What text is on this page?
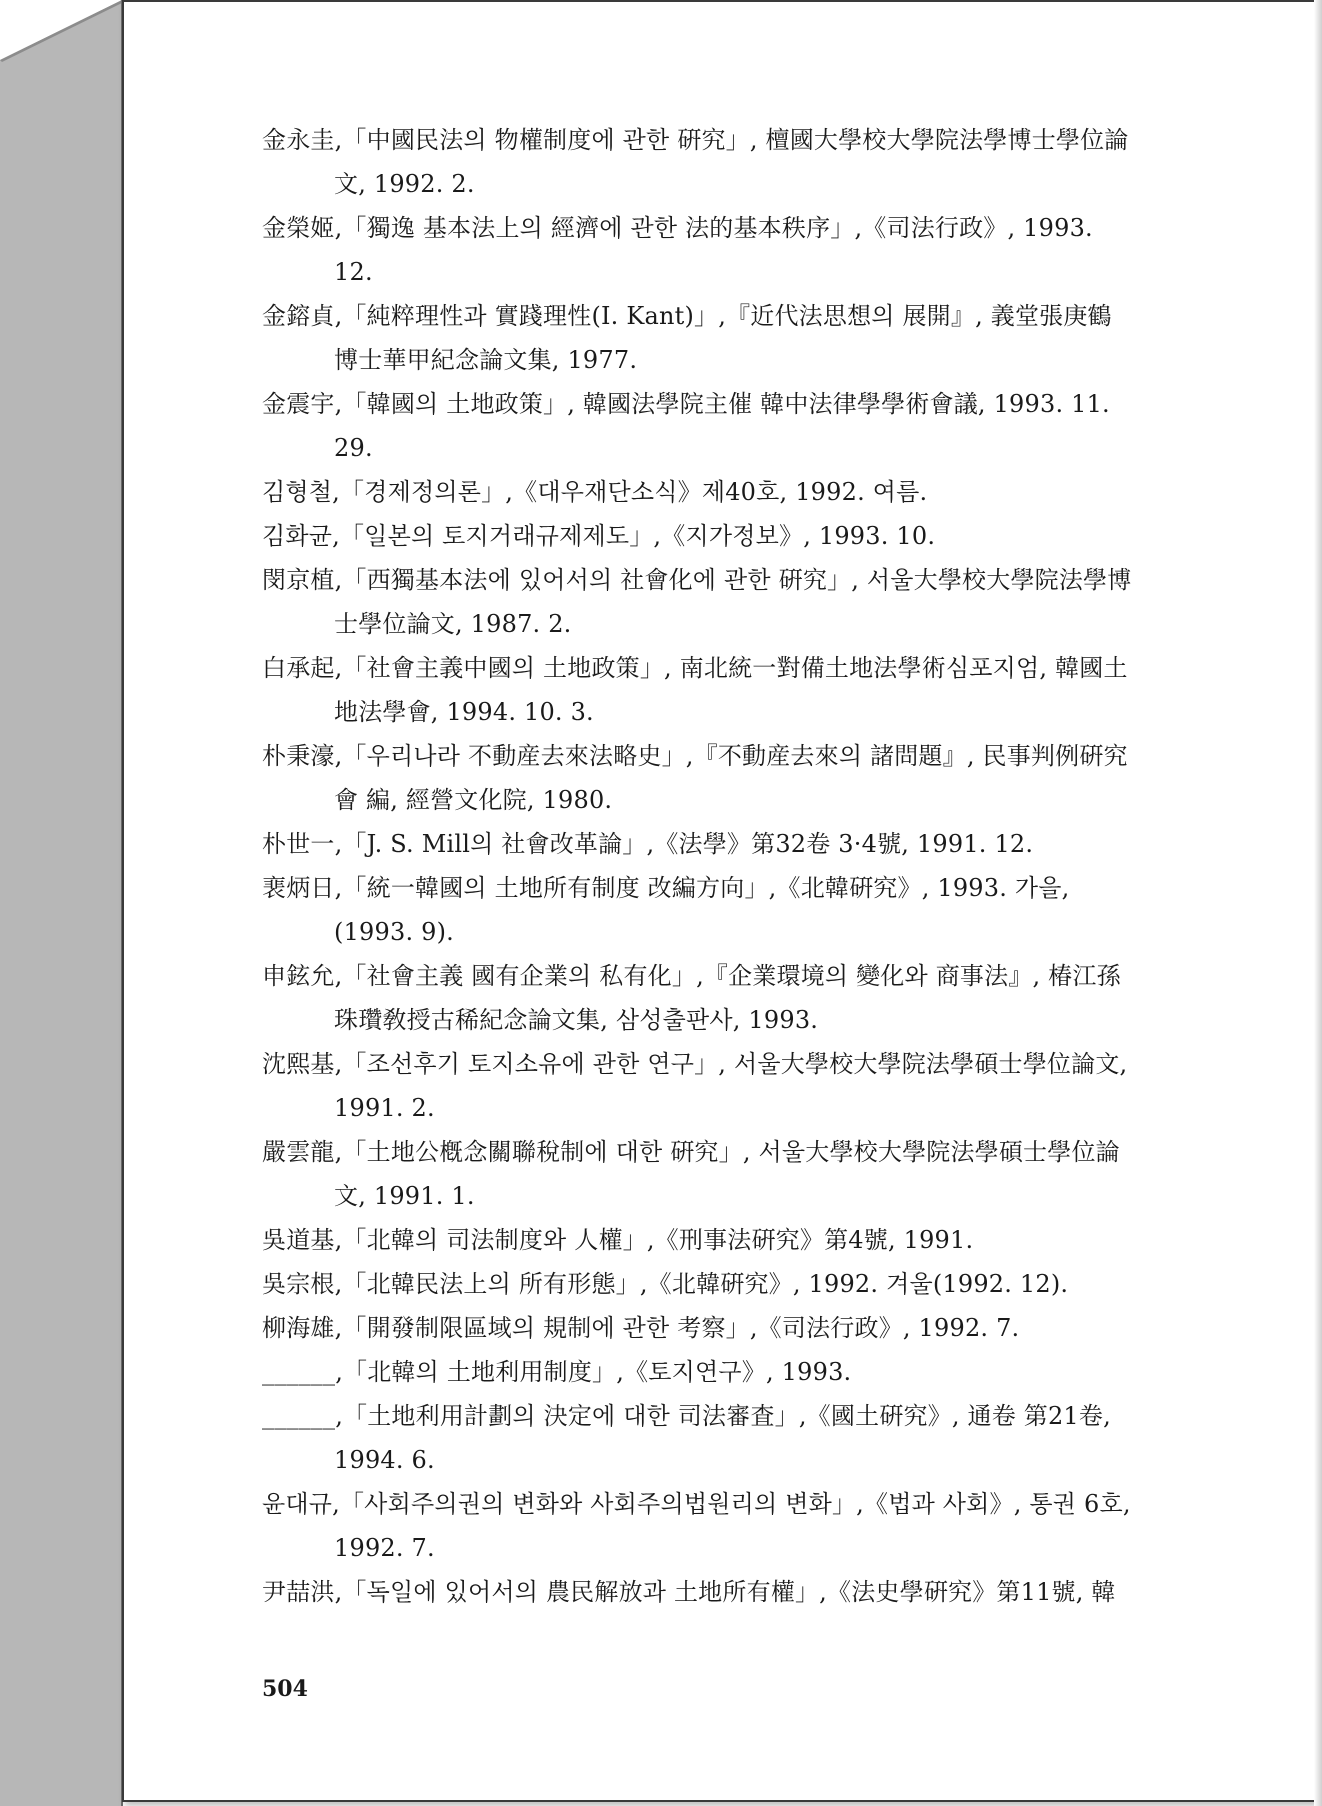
金永圭,「中國民法의 物權制度에 관한 硏究」, 檀國大學校大學院法學博士學位論文, 1992. 2.
金榮姬,「獨逸 基本法上의 經濟에 관한 法的基本秩序」,《司法行政》, 1993. 12.
金鎔貞,「純粹理性과 實踐理性(I. Kant)」,『近代法思想의 展開』, 義堂張庚鶴博士華甲紀念論文集, 1977.
金震宇,「韓國의 土地政策」, 韓國法學院主催 韓中法律學學術會議, 1993. 11. 29.
김형철,「경제정의론」,《대우재단소식》제40호, 1992. 여름.
김화균,「일본의 토지거래규제제도」,《지가정보》, 1993. 10.
閔京植,「西獨基本法에 있어서의 社會化에 관한 硏究」, 서울大學校大學院法學博士學位論文, 1987. 2.
白承起,「社會主義中國의 土地政策」, 南北統一對備土地法學術심포지엄, 韓國土地法學會, 1994. 10. 3.
朴秉濠,「우리나라 不動産去來法略史」,『不動産去來의 諸問題』, 民事判例硏究會 編, 經營文化院, 1980.
朴世一,「J. S. Mill의 社會改革論」,《法學》第32卷 3·4號, 1991. 12.
裵炳日,「統一韓國의 土地所有制度 改編方向」,《北韓硏究》, 1993. 가을, (1993. 9).
申鉉允,「社會主義 國有企業의 私有化」,『企業環境의 變化와 商事法』, 椿江孫珠瓚敎授古稀紀念論文集, 삼성출판사, 1993.
沈熙基,「조선후기 토지소유에 관한 연구」, 서울大學校大學院法學碩士學位論文, 1991. 2.
嚴雲龍,「土地公槪念關聯稅制에 대한 硏究」, 서울大學校大學院法學碩士學位論文, 1991. 1.
吳道基,「北韓의 司法制度와 人權」,《刑事法硏究》第4號, 1991.
吳宗根,「北韓民法上의 所有形態」,《北韓硏究》, 1992. 겨울(1992. 12).
柳海雄,「開發制限區域의 規制에 관한 考察」,《司法行政》, 1992. 7.
______,「北韓의 土地利用制度」,《토지연구》, 1993.
______,「土地利用計劃의 決定에 대한 司法審査」,《國土硏究》, 通卷 第21卷, 1994. 6.
윤대규,「사회주의권의 변화와 사회주의법원리의 변화」,《법과 사회》, 통권 6호, 1992. 7.
尹喆洪,「독일에 있어서의 農民解放과 土地所有權」,《法史學硏究》第11號, 韓
504
